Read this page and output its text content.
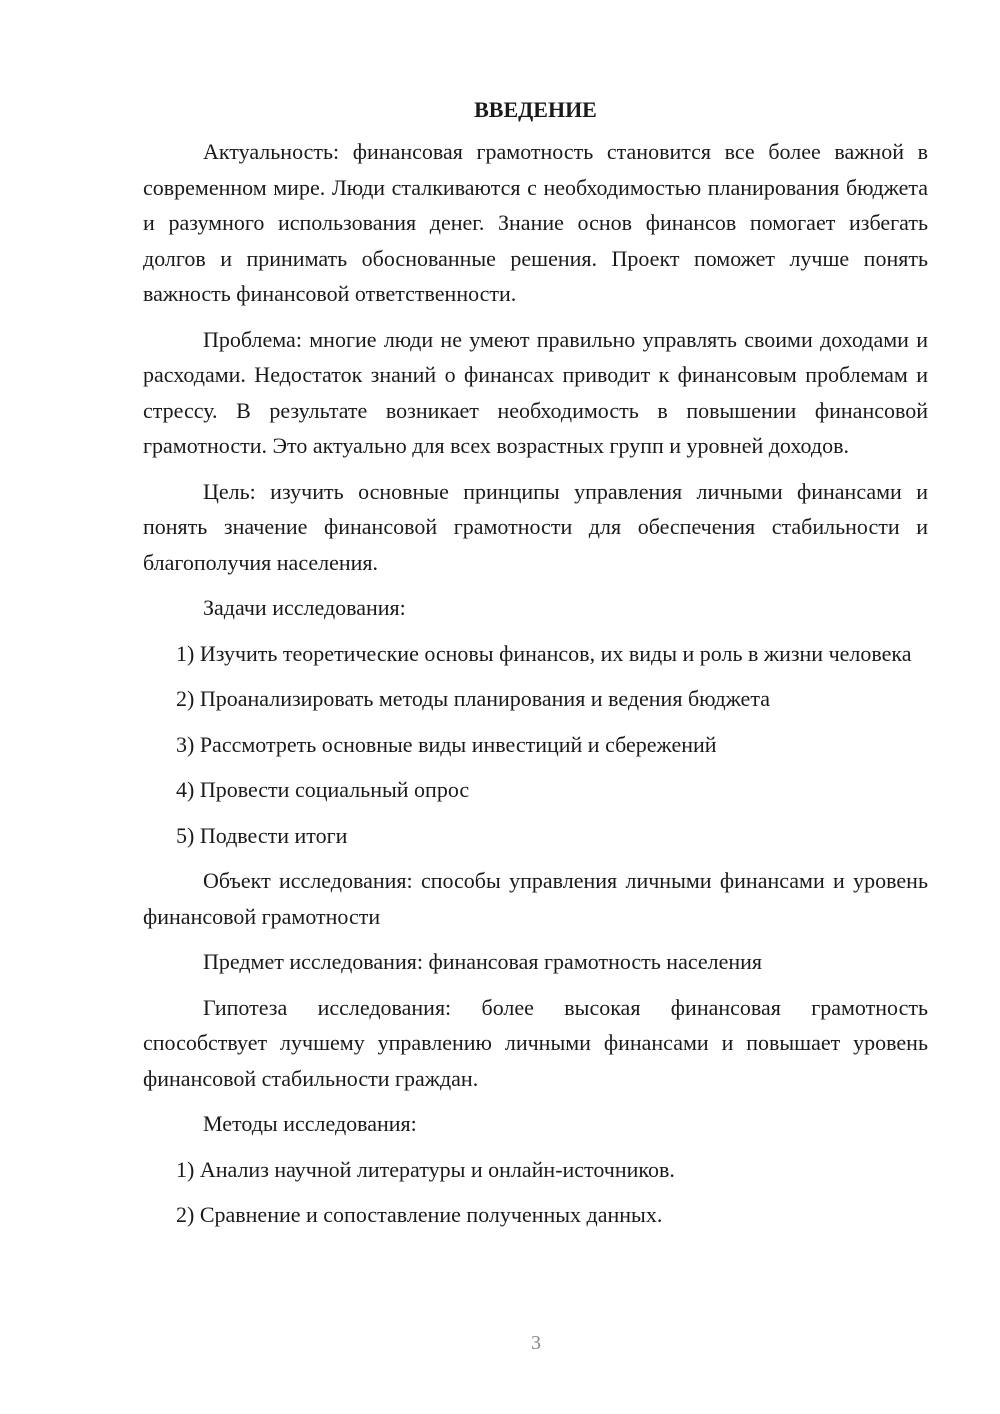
ВВЕДЕНИЕ

Актуальность: финансовая грамотность становится все более важной в современном мире. Люди сталкиваются с необходимостью планирования бюджета и разумного использования денег. Знание основ финансов помогает избегать долгов и принимать обоснованные решения. Проект поможет лучше понять важность финансовой ответственности.

Проблема: многие люди не умеют правильно управлять своими доходами и расходами. Недостаток знаний о финансах приводит к финансовым проблемам и стрессу. В результате возникает необходимость в повышении финансовой грамотности. Это актуально для всех возрастных групп и уровней доходов.

Цель: изучить основные принципы управления личными финансами и понять значение финансовой грамотности для обеспечения стабильности и благополучия населения.

Задачи исследования:

1) Изучить теоретические основы финансов, их виды и роль в жизни человека

2) Проанализировать методы планирования и ведения бюджета

3) Рассмотреть основные виды инвестиций и сбережений

4) Провести социальный опрос

5) Подвести итоги

Объект исследования: способы управления личными финансами и уровень финансовой грамотности

Предмет исследования: финансовая грамотность населения

Гипотеза исследования: более высокая финансовая грамотность способствует лучшему управлению личными финансами и повышает уровень финансовой стабильности граждан.

Методы исследования:

1) Анализ научной литературы и онлайн-источников.

2) Сравнение и сопоставление полученных данных.

3
